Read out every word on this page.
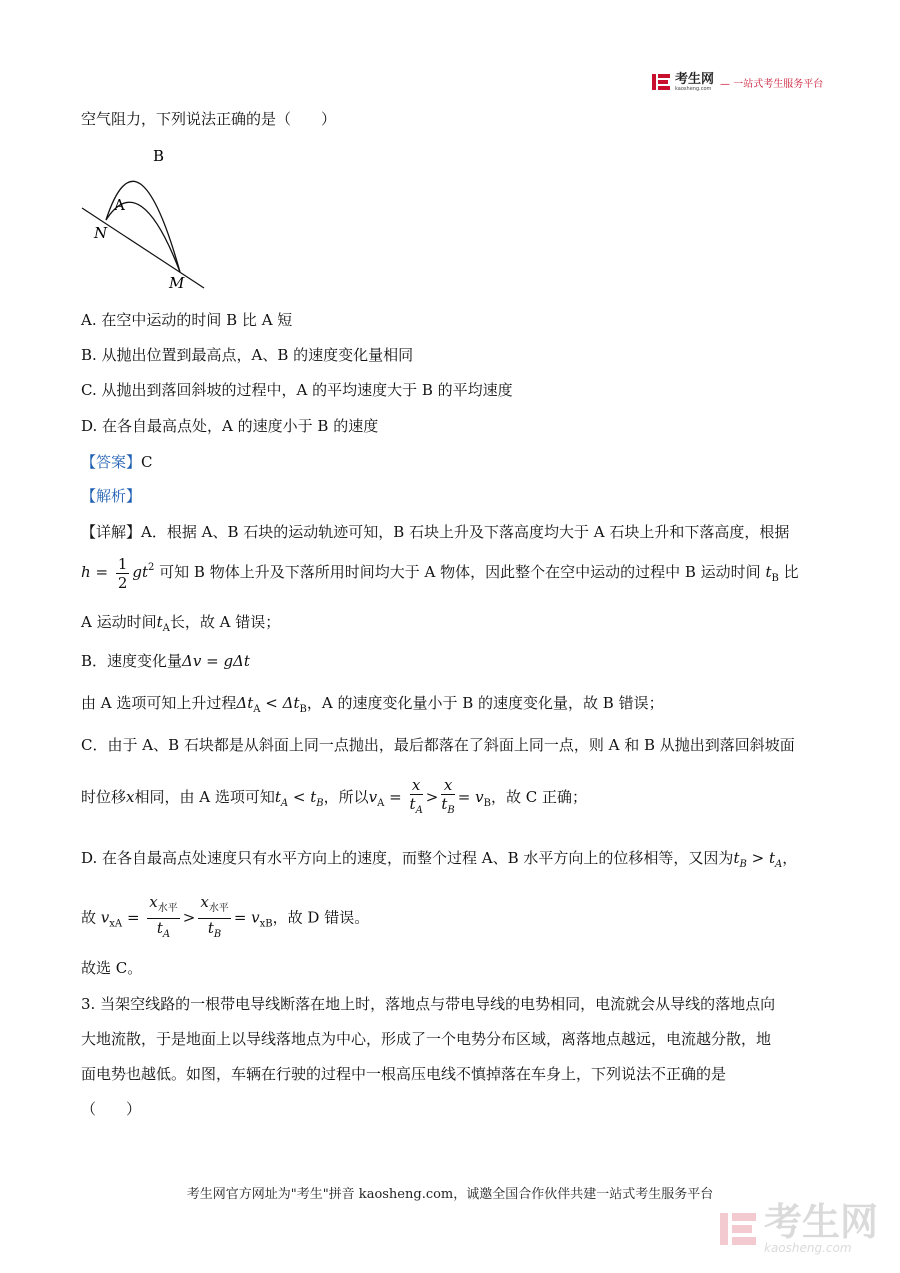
考生网
kaosheng.com — 一站式考生服务平台
空气阻力，下列说法正确的是（　　）
B
A
N
M
A. 在空中运动的时间 B 比 A 短
B. 从抛出位置到最高点，A、B 的速度变化量相同
C. 从抛出到落回斜坡的过程中，A 的平均速度大于 B 的平均速度
D. 在各自最高点处，A 的速度小于 B 的速度
【答案】C
【解析】
【详解】A．根据 A、B 石块的运动轨迹可知，B 石块上升及下落高度均大于 A 石块上升和下落高度，根据
$h = \frac{1}{2} gt^2$ 可知 B 物体上升及下落所用时间均大于 A 物体，因此整个在空中运动的过程中 B 运动时间 $t_B$ 比
A 运动时间$t_A$长，故 A 错误；
B．速度变化量Δv = gΔt
由 A 选项可知上升过程$\Delta t_A < \Delta t_B$，A 的速度变化量小于 B 的速度变化量，故 B 错误；
C．由于 A、B 石块都是从斜面上同一点抛出，最后都落在了斜面上同一点，则 A 和 B 从抛出到落回斜坡面
时位移x相同，由 A 选项可知$t_A < t_B$，所以$v_A = \frac{x}{t_A} > \frac{x}{t_B} = v_B$，故 C 正确；
D. 在各自最高点处速度只有水平方向上的速度，而整个过程 A、B 水平方向上的位移相等，又因为$t_B > t_A$，
故 $v_{xA} = \frac{x_{水平}}{t_A} > \frac{x_{水平}}{t_B} = v_{xB}$，故 D 错误。
故选 C。
3. 当架空线路的一根带电导线断落在地上时，落地点与带电导线的电势相同，电流就会从导线的落地点向
大地流散，于是地面上以导线落地点为中心，形成了一个电势分布区域，离落地点越远，电流越分散，地
面电势也越低。如图，车辆在行驶的过程中一根高压电线不慎掉落在车身上，下列说法不正确的是
（　　）
考生网官方网址为"考生"拼音 kaosheng.com，诚邀全国合作伙伴共建一站式考生服务平台
考生网
kaosheng.com
